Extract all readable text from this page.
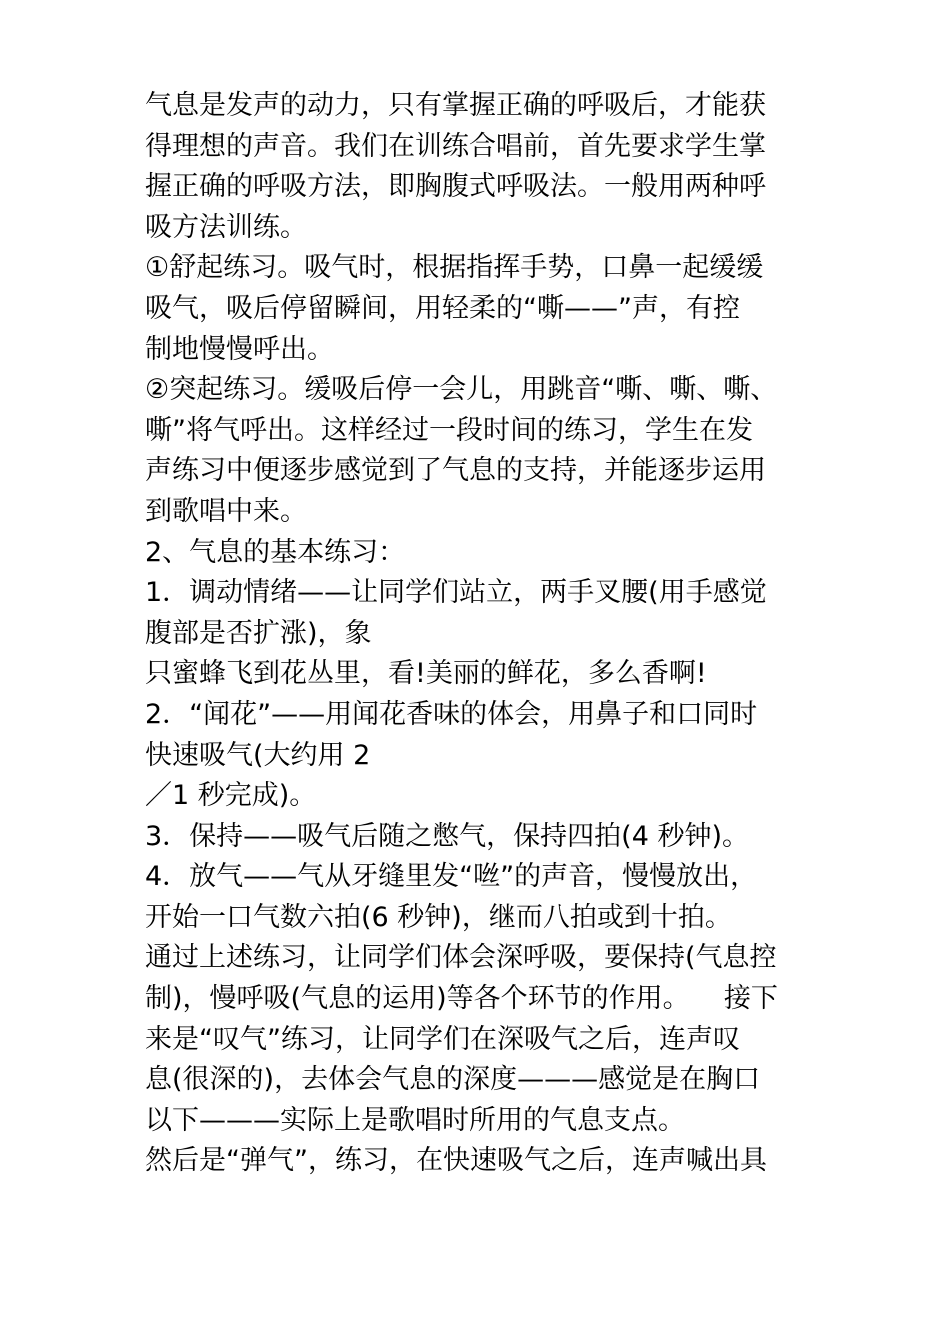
气息是发声的动力，只有掌握正确的呼吸后，才能获
得理想的声音。我们在训练合唱前，首先要求学生掌
握正确的呼吸方法，即胸腹式呼吸法。一般用两种呼
吸方法训练。
①舒起练习。吸气时，根据指挥手势，口鼻一起缓缓
吸气，吸后停留瞬间，用轻柔的“嘶——”声，有控
制地慢慢呼出。
②突起练习。缓吸后停一会儿，用跳音“嘶、嘶、嘶、
嘶”将气呼出。这样经过一段时间的练习，学生在发
声练习中便逐步感觉到了气息的支持，并能逐步运用
到歌唱中来。
2、气息的基本练习：
1．调动情绪——让同学们站立，两手叉腰(用手感觉
腹部是否扩涨)，象
只蜜蜂飞到花丛里，看!美丽的鲜花，多么香啊!
2．“闻花”——用闻花香味的体会，用鼻子和口同时
快速吸气(大约用 2
／1 秒完成)。
3．保持——吸气后随之憋气，保持四拍(4 秒钟)。
4．放气——气从牙缝里发“咝”的声音，慢慢放出，
开始一口气数六拍(6 秒钟)，继而八拍或到十拍。
通过上述练习，让同学们体会深呼吸，要保持(气息控
制)，慢呼吸(气息的运用)等各个环节的作用。    接下
来是“叹气”练习，让同学们在深吸气之后，连声叹
息(很深的)，去体会气息的深度———感觉是在胸口
以下———实际上是歌唱时所用的气息支点。
然后是“弹气”，练习，在快速吸气之后，连声喊出具
